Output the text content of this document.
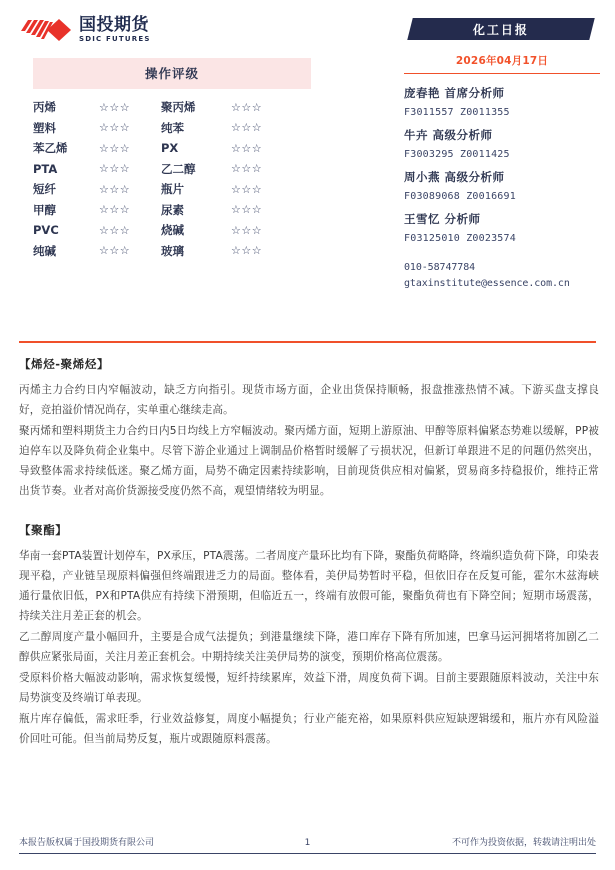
国投期货
SDIC FUTURES
操作评级
丙烯	☆☆☆	聚丙烯	☆☆☆
塑料	☆☆☆	纯苯	☆☆☆
苯乙烯	☆☆☆	PX	☆☆☆
PTA	☆☆☆	乙二醇	☆☆☆
短纤	☆☆☆	瓶片	☆☆☆
甲醇	☆☆☆	尿素	☆☆☆
PVC	☆☆☆	烧碱	☆☆☆
纯碱	☆☆☆	玻璃	☆☆☆
化工日报
2026年04月17日
庞春艳 首席分析师
F3011557 Z0011355
牛卉 高级分析师
F3003295 Z0011425
周小燕 高级分析师
F03089068 Z0016691
王雪忆 分析师
F03125010 Z0023574
010-58747784
gtaxinstitute@essence.com.cn
【烯烃-聚烯烃】
丙烯主力合约日内窄幅波动，缺乏方向指引。现货市场方面，企业出货保持顺畅，报盘推涨热情不减。下游买盘支撑良好，竞拍溢价情况尚存，实单重心继续走高。
聚丙烯和塑料期货主力合约日内5日均线上方窄幅波动。聚丙烯方面，短期上游原油、甲醇等原料偏紧态势难以缓解，PP被迫停车以及降负荷企业集中。尽管下游企业通过上调制品价格暂时缓解了亏损状况，但新订单跟进不足的问题仍然突出，导致整体需求持续低迷。聚乙烯方面，局势不确定因素持续影响，目前现货供应相对偏紧，贸易商多持稳报价，维持正常出货节奏。业者对高价货源接受度仍然不高，观望情绪较为明显。
【聚酯】
华南一套PTA装置计划停车，PX承压，PTA震荡。二者周度产量环比均有下降，聚酯负荷略降，终端织造负荷下降，印染表现平稳，产业链呈现原料偏强但终端跟进乏力的局面。整体看，美伊局势暂时平稳，但依旧存在反复可能，霍尔木兹海峡通行量依旧低，PX和PTA供应有持续下滑预期，但临近五一，终端有放假可能，聚酯负荷也有下降空间；短期市场震荡，持续关注月差正套的机会。
乙二醇周度产量小幅回升，主要是合成气法提负；到港量继续下降，港口库存下降有所加速，巴拿马运河拥堵将加剧乙二醇供应紧张局面，关注月差正套机会。中期持续关注美伊局势的演变，预期价格高位震荡。
受原料价格大幅波动影响，需求恢复缓慢，短纤持续累库，效益下滑，周度负荷下调。目前主要跟随原料波动，关注中东局势演变及终端订单表现。
瓶片库存偏低，需求旺季，行业效益修复，周度小幅提负；行业产能充裕，如果原料供应短缺逻辑缓和，瓶片亦有风险溢价回吐可能。但当前局势反复，瓶片或跟随原料震荡。
本报告版权属于国投期货有限公司	1	不可作为投资依据，转载请注明出处
